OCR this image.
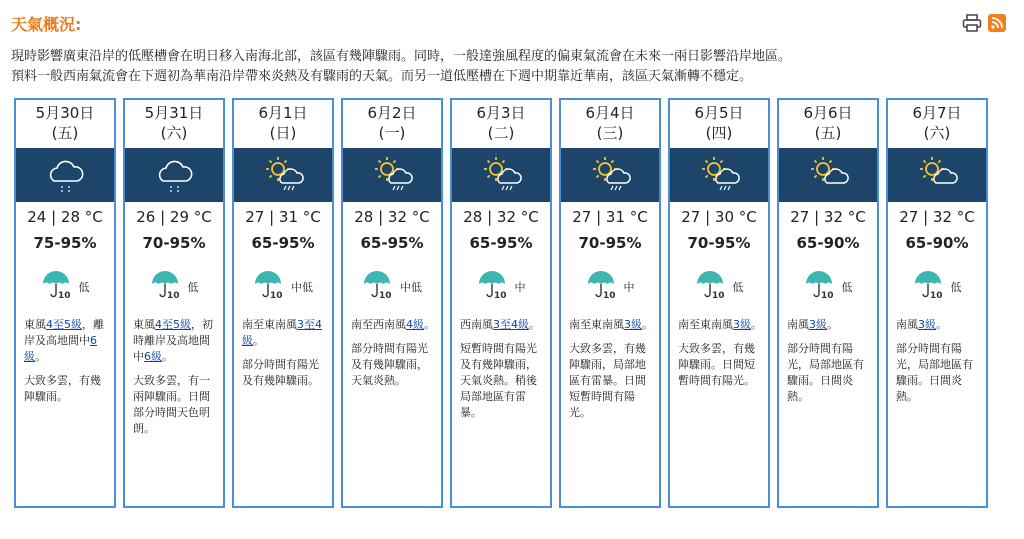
天氣概況:
現時影響廣東沿岸的低壓槽會在明日移入南海北部，該區有幾陣驟雨。同時，一般達強風程度的偏東氣流會在未來一兩日影響沿岸地區。
預料一般西南氣流會在下週初為華南沿岸帶來炎熱及有驟雨的天氣。而另一道低壓槽在下週中期靠近華南，該區天氣漸轉不穩定。
5月30日
(五)
24 | 28 °C
75-95%
10
低
東風4至5級，離岸及高地間中6級。
大致多雲，有幾陣驟雨。
5月31日
(六)
26 | 29 °C
70-95%
10
低
東風4至5級，初時離岸及高地間中6級。
大致多雲，有一兩陣驟雨。日間部分時間天色明朗。
6月1日
(日)
27 | 31 °C
65-95%
10
中低
南至東南風3至4級。
部分時間有陽光及有幾陣驟雨。
6月2日
(一)
28 | 32 °C
65-95%
10
中低
南至西南風4級。
部分時間有陽光及有幾陣驟雨，天氣炎熱。
6月3日
(二)
28 | 32 °C
65-95%
10
中
西南風3至4級。
短暫時間有陽光及有幾陣驟雨，天氣炎熱。稍後局部地區有雷暴。
6月4日
(三)
27 | 31 °C
70-95%
10
中
南至東南風3級。
大致多雲，有幾陣驟雨，局部地區有雷暴。日間短暫時間有陽光。
6月5日
(四)
27 | 30 °C
70-95%
10
低
南至東南風3級。
大致多雲，有幾陣驟雨。日間短暫時間有陽光。
6月6日
(五)
27 | 32 °C
65-90%
10
低
南風3級。
部分時間有陽光，局部地區有驟雨。日間炎熱。
6月7日
(六)
27 | 32 °C
65-90%
10
低
南風3級。
部分時間有陽光，局部地區有驟雨。日間炎熱。
